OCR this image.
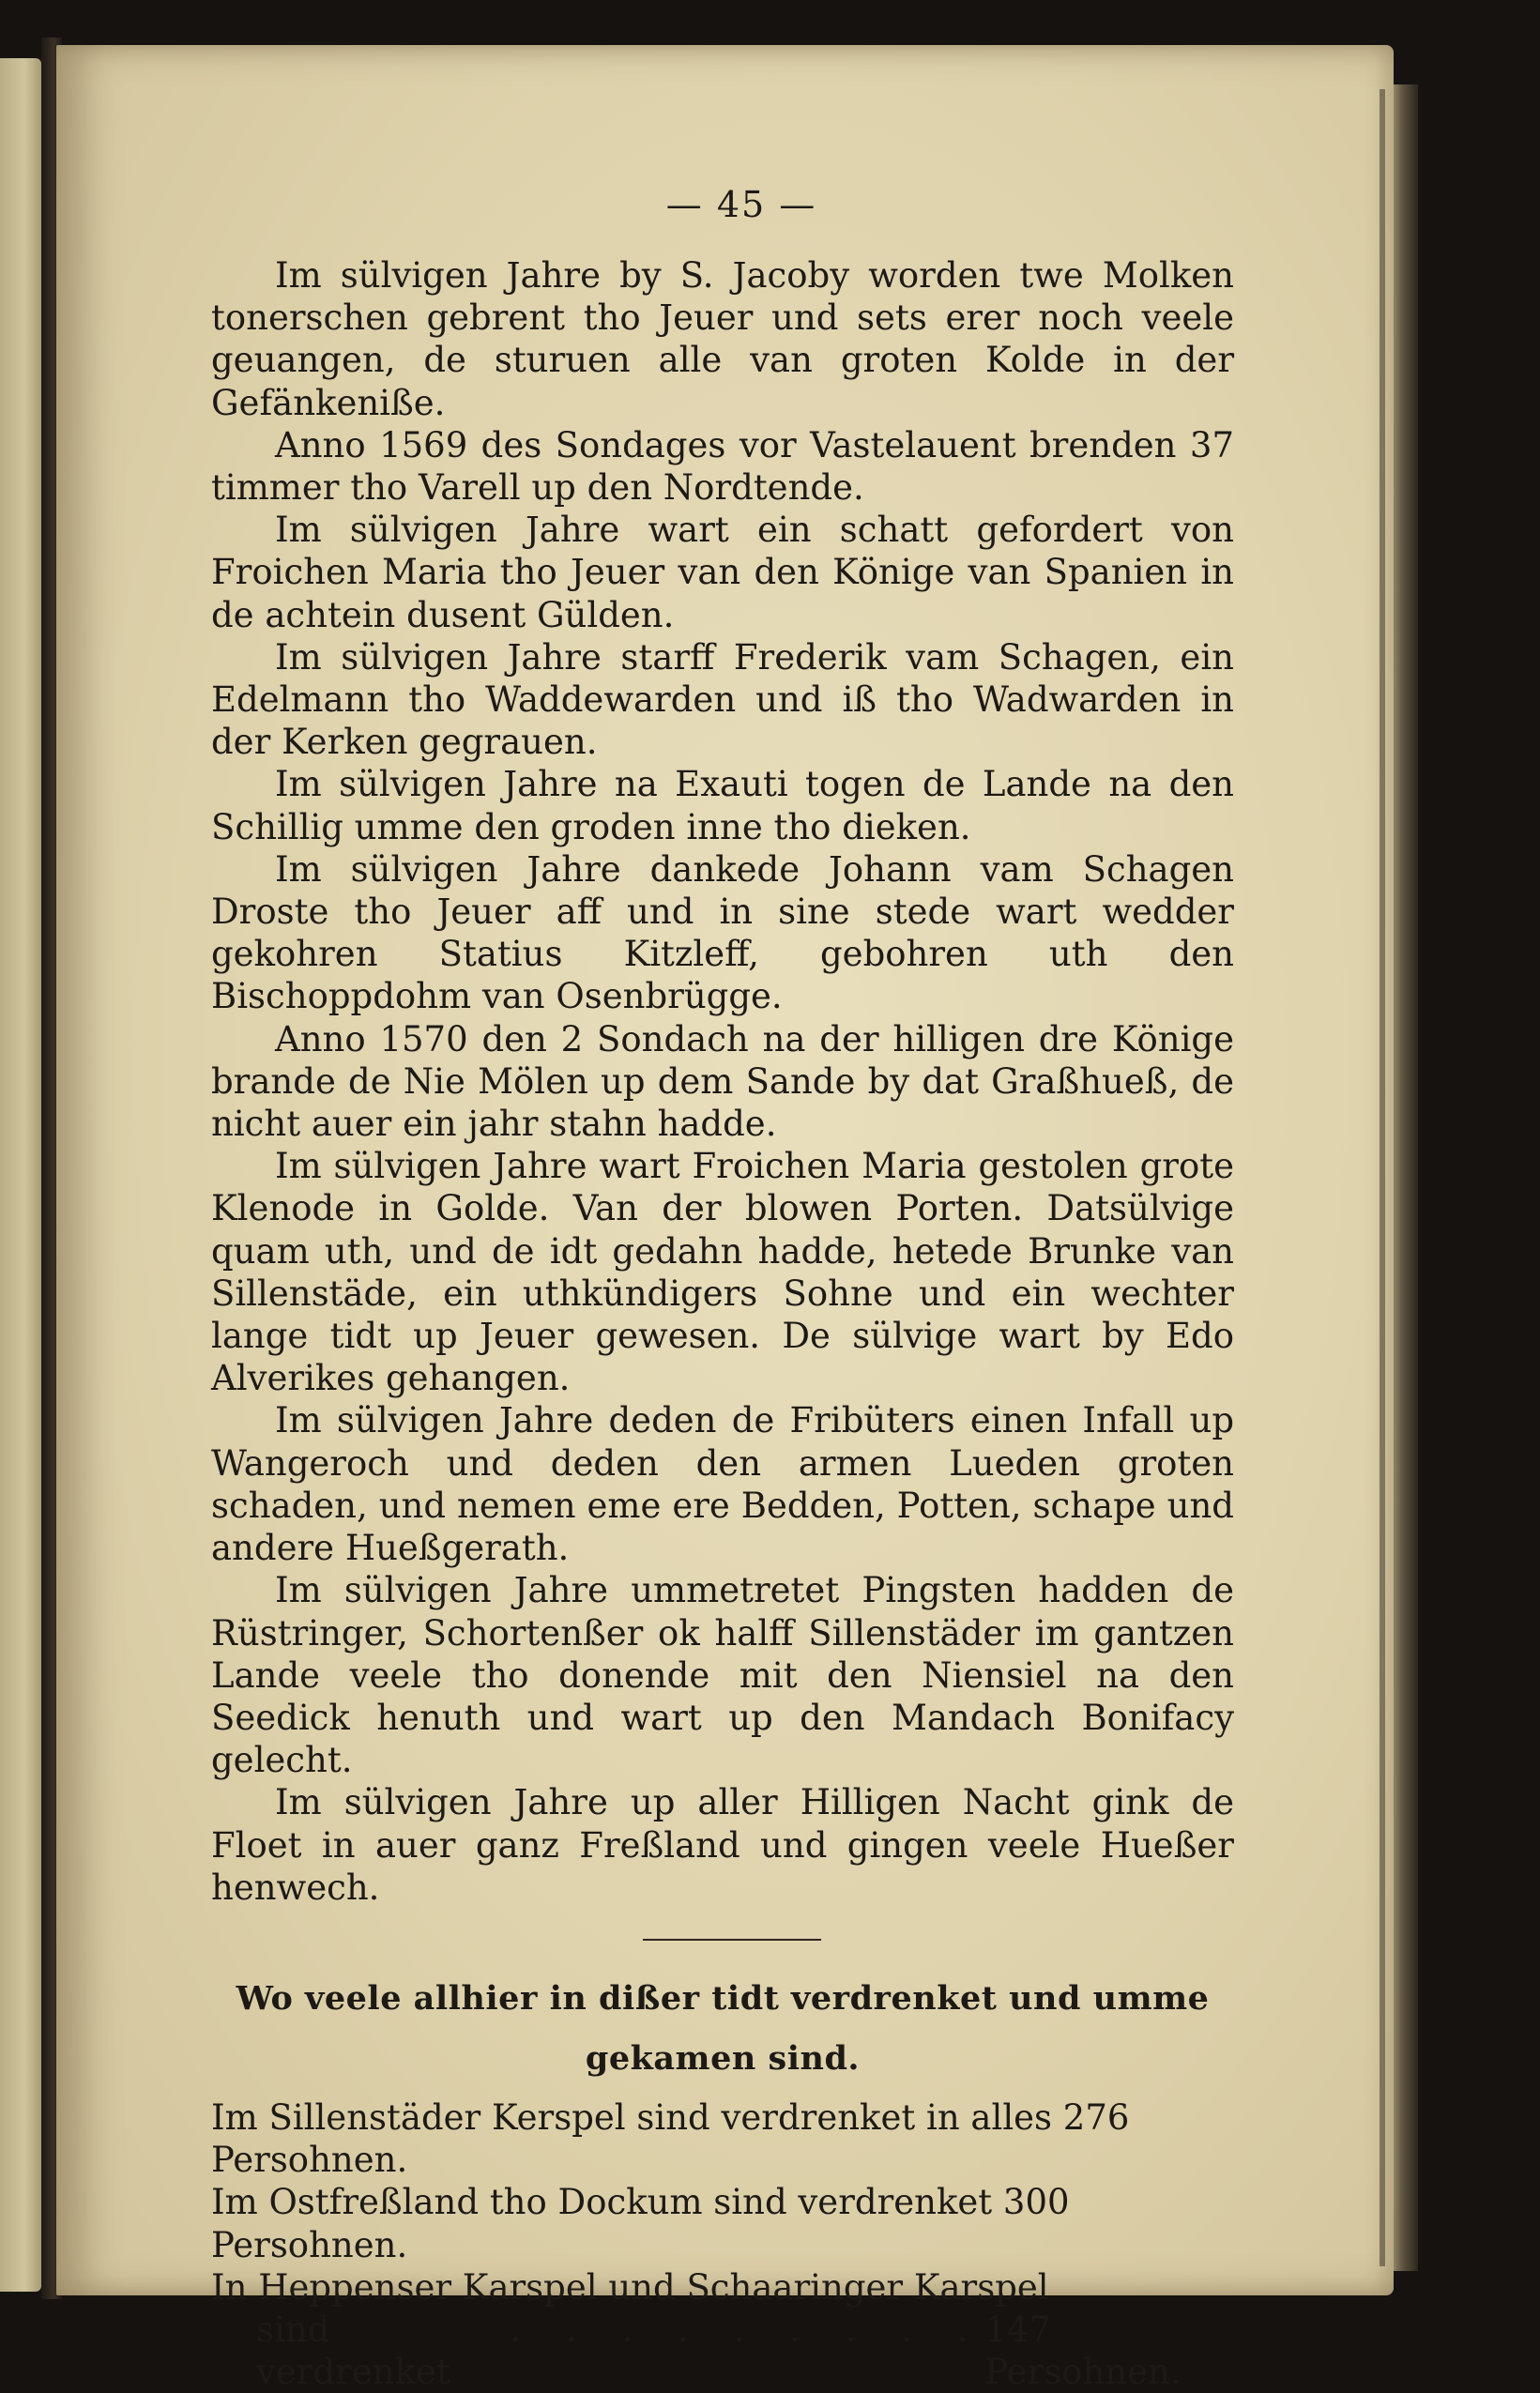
— 45 —

Im sülvigen Jahre by S. Jacoby worden twe Molken tonerschen gebrent tho Jeuer und sets erer noch veele geuangen, de sturuen alle van groten Kolde in der Gefänkenißе.

Anno 1569 des Sondages vor Vastelauent brenden 37 timmer tho Varell up den Nordtende.

Im sülvigen Jahre wart ein schatt gefordert von Froichen Maria tho Jeuer van den Könige van Spanien in de achtein dusent Gülden.

Im sülvigen Jahre starff Frederik vam Schagen, ein Edelmann tho Waddewarden und iß tho Wadwarden in der Kerken gegrauen.

Im sülvigen Jahre na Exauti togen de Lande na den Schillig umme den groden inne tho dieken.

Im sülvigen Jahre dankede Johann vam Schagen Droste tho Jeuer aff und in sine stede wart wedder gekohren Statius Kitzleff, gebohren uth den Bischoppdohm van Osenbrügge.

Anno 1570 den 2 Sondach na der hilligen dre Könige brande de Nie Mölen up dem Sande by dat Graßhueß, de nicht auer ein jahr stahn hadde.

Im sülvigen Jahre wart Froichen Maria gestolen grote Klenode in Golde. Van der blowen Porten. Datsülvige quam uth, und de idt gedahn hadde, hetede Brunke van Sillenstäde, ein uthkündigers Sohne und ein wechter lange tidt up Jeuer gewesen. De sülvige wart by Edo Alverikes gehangen.

Im sülvigen Jahre deden de Fribüters einen Infall up Wangeroch und deden den armen Lueden groten schaden, und nemen eme ere Bedden, Potten, schape und andere Hueßgerath.

Im sülvigen Jahre ummetretet Pingsten hadden de Rüstringer, Schortenßer ok halff Sillenstäder im gantzen Lande veele tho donende mit den Niensiel na den Seedick henuth und wart up den Mandach Bonifacy gelecht.

Im sülvigen Jahre up aller Hilligen Nacht gink de Floet in auer ganz Freßland und gingen veele Hueßer henwech.

Wo veele allhier in dißer tidt verdrenket und umme gekamen sind.

Im Sillenstäder Kerspel sind verdrenket in alles 276 Persohnen.

Im Ostfreßland tho Dockum sind verdrenket 300 Persohnen.

In Heppenser Karspel und Schaaringer Karspel

sind verdrenket
. . . . . . . . . 147 Persohnen.
